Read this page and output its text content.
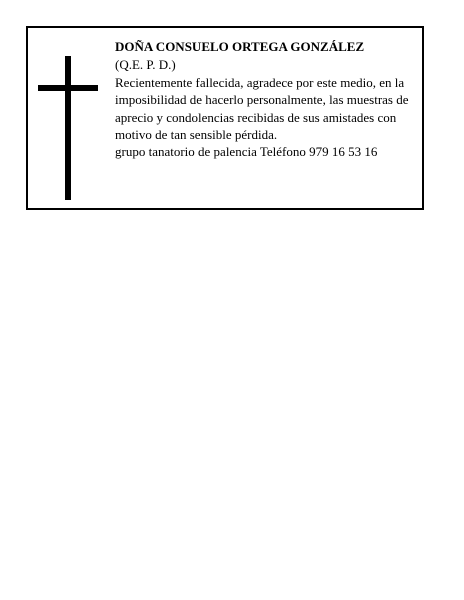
DOÑA CONSUELO ORTEGA GONZÁLEZ
(Q.E. P. D.)
Recientemente fallecida, agradece por este medio, en la imposibilidad de hacerlo personalmente, las muestras de aprecio y condolencias recibidas de sus amistades con motivo de tan sensible pérdida.
grupo tanatorio de palencia Teléfono 979 16 53 16
